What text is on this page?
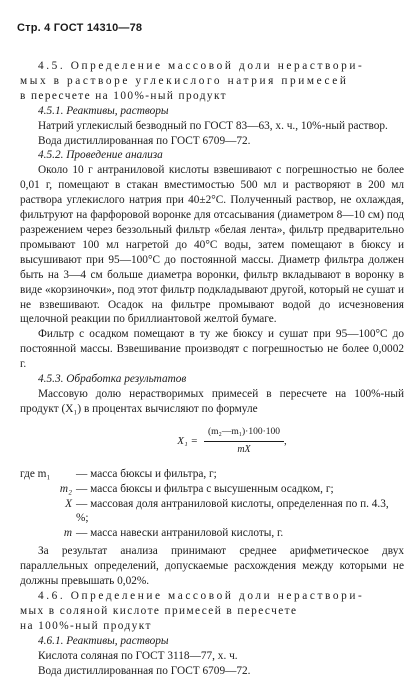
Стр. 4 ГОСТ 14310—78

4.5. Определение массовой доли нераствори-

мых в растворе углекислого натрия примесей

в пересчете на 100%-ный продукт

4.5.1. Реактивы, растворы

Натрий углекислый безводный по ГОСТ 83—63, х. ч., 10%-ный раствор.

Вода дистиллированная по ГОСТ 6709—72.

4.5.2. Проведение анализа

Около 10 г антраниловой кислоты взвешивают с погрешностью не более 0,01 г, помещают в стакан вместимостью 500 мл и растворяют в 200 мл раствора углекислого натрия при 40±2°С. Полученный раствор, не охлаждая, фильтруют на фарфоровой воронке для отсасывания (диаметром 8—10 см) под разрежением через беззольный фильтр «белая лента», фильтр предварительно промывают 100 мл нагретой до 40°С воды, затем помещают в бюксу и высушивают при 95—100°С до постоянной массы. Диаметр фильтра должен быть на 3—4 см больше диаметра воронки, фильтр вкладывают в воронку в виде «корзиночки», под этот фильтр подкладывают другой, который не сушат и не взвешивают. Осадок на фильтре промывают водой до исчезновения щелочной реакции по бриллиантовой желтой бумаге.

Фильтр с осадком помещают в ту же бюксу и сушат при 95—100°С до постоянной массы. Взвешивание производят с погрешностью не более 0,0002 г.

4.5.3. Обработка результатов

Массовую долю нерастворимых примесей в пересчете на 100%-ный продукт (X₁) в процентах вычисляют по формуле

$X_1 = \frac{\text{(m₂—m₁)·100·100}}{mX}$ ,
где m₁	— масса бюксы и фильтра, г;
m₂ — масса бюксы и фильтра с высушенным осадком, г;
X — массовая доля антраниловой кислоты, определенная по п. 4.3, %;
m — масса навески антраниловой кислоты, г.

За результат анализа принимают среднее арифметическое двух параллельных определений, допускаемые расхождения между которыми не должны превышать 0,02%.

4.6. Определение массовой доли нераствори-

мых в соляной кислоте примесей в пересчете

на 100%-ный продукт

4.6.1. Реактивы, растворы

Кислота соляная по ГОСТ 3118—77, х. ч.

Вода дистиллированная по ГОСТ 6709—72.
